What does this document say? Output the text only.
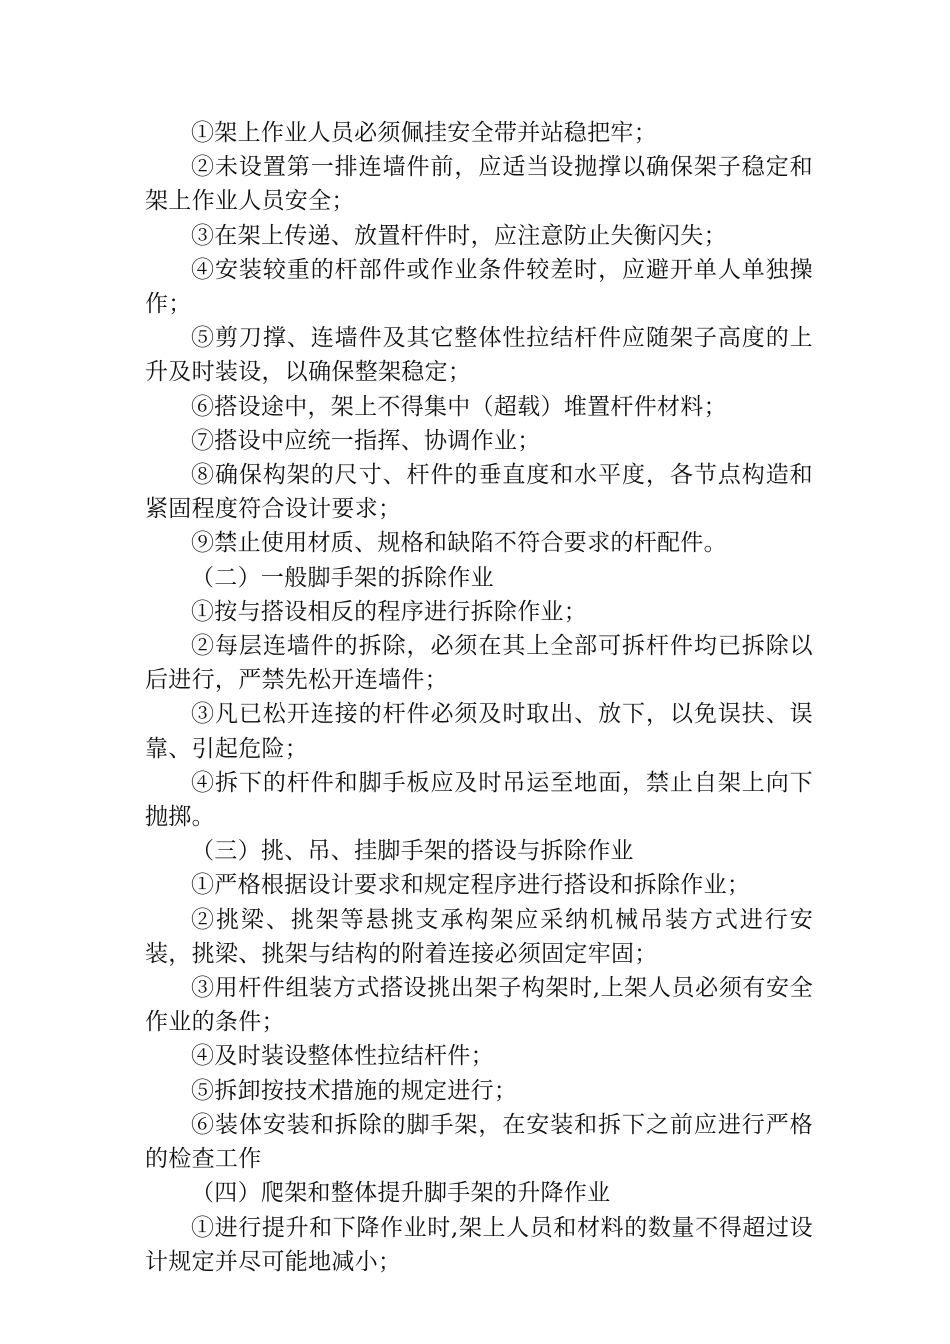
①架上作业人员必须佩挂安全带并站稳把牢；

②未设置第一排连墙件前，应适当设抛撑以确保架子稳定和架上作业人员安全；

③在架上传递、放置杆件时，应注意防止失衡闪失；

④安装较重的杆部件或作业条件较差时，应避开单人单独操作；

⑤剪刀撑、连墙件及其它整体性拉结杆件应随架子高度的上升及时装设，以确保整架稳定；

⑥搭设途中，架上不得集中（超载）堆置杆件材料；

⑦搭设中应统一指挥、协调作业；

⑧确保构架的尺寸、杆件的垂直度和水平度，各节点构造和紧固程度符合设计要求；

⑨禁止使用材质、规格和缺陷不符合要求的杆配件。

（二）一般脚手架的拆除作业

①按与搭设相反的程序进行拆除作业；

②每层连墙件的拆除，必须在其上全部可拆杆件均已拆除以后进行，严禁先松开连墙件；

③凡已松开连接的杆件必须及时取出、放下，以免误扶、误靠、引起危险；

④拆下的杆件和脚手板应及时吊运至地面，禁止自架上向下抛掷。

（三）挑、吊、挂脚手架的搭设与拆除作业

①严格根据设计要求和规定程序进行搭设和拆除作业；

②挑梁、挑架等悬挑支承构架应采纳机械吊装方式进行安装，挑梁、挑架与结构的附着连接必须固定牢固；

③用杆件组装方式搭设挑出架子构架时,上架人员必须有安全作业的条件；

④及时装设整体性拉结杆件；

⑤拆卸按技术措施的规定进行；

⑥装体安装和拆除的脚手架，在安装和拆下之前应进行严格的检查工作

（四）爬架和整体提升脚手架的升降作业

①进行提升和下降作业时,架上人员和材料的数量不得超过设计规定并尽可能地减小；
